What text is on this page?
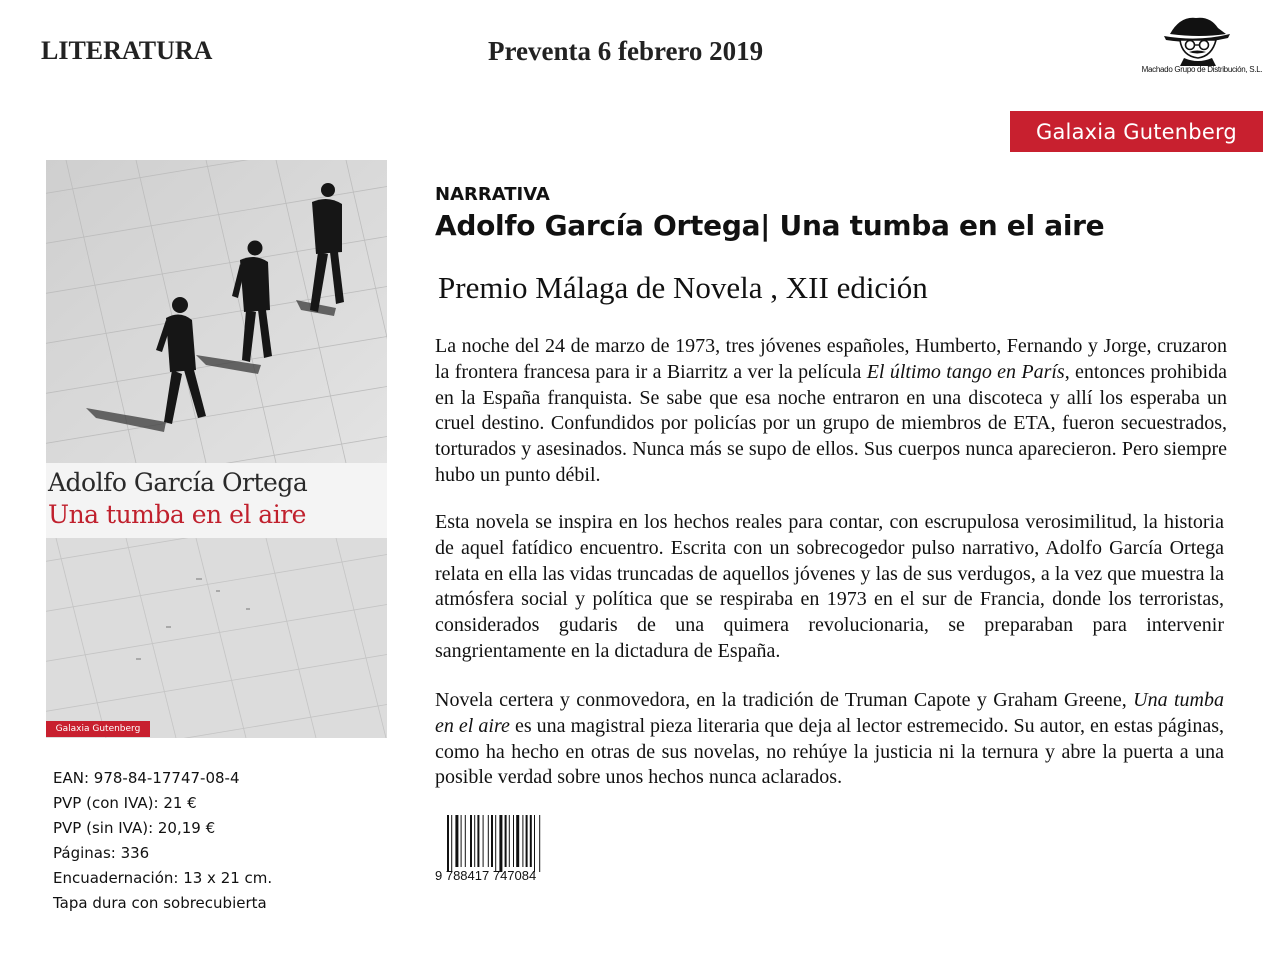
LITERATURA	Preventa 6 febrero 2019
Machado Grupo de Distribución, S.L.
Galaxia Gutenberg
Adolfo García Ortega
Una tumba en el aire
Galaxia Gutenberg
EAN: 978-84-17747-08-4
PVP (con IVA): 21 €
PVP (sin IVA): 20,19 €
Páginas: 336
Encuadernación: 13 x 21 cm.
Tapa dura con sobrecubierta
NARRATIVA
Adolfo García Ortega| Una tumba en el aire
Premio Málaga de Novela , XII edición
La noche del 24 de marzo de 1973, tres jóvenes españoles, Humberto, Fernando y Jorge, cruzaron la frontera francesa para ir a Biarritz a ver la película El último tango en París, entonces prohibida en la España franquista. Se sabe que esa noche entraron en una discoteca y allí los esperaba un cruel destino. Confundidos por policías por un grupo de miembros de ETA, fueron secuestrados, torturados y asesinados. Nunca más se supo de ellos. Sus cuerpos nunca aparecieron. Pero siempre hubo un punto débil.
Esta novela se inspira en los hechos reales para contar, con escrupulosa verosimilitud, la historia de aquel fatídico encuentro. Escrita con un sobrecogedor pulso narrativo, Adolfo García Ortega relata en ella las vidas truncadas de aquellos jóvenes y las de sus verdugos, a la vez que muestra la atmósfera social y política que se respiraba en 1973 en el sur de Francia, donde los terroristas, considerados gudaris de una quimera revolucionaria, se preparaban para intervenir sangrientamente en la dictadura de España.
Novela certera y conmovedora, en la tradición de Truman Capote y Graham Greene, Una tumba en el aire es una magistral pieza literaria que deja al lector estremecido. Su autor, en estas páginas, como ha hecho en otras de sus novelas, no rehúye la justicia ni la ternura y abre la puerta a una posible verdad sobre unos hechos nunca aclarados.
9 788417 747084
